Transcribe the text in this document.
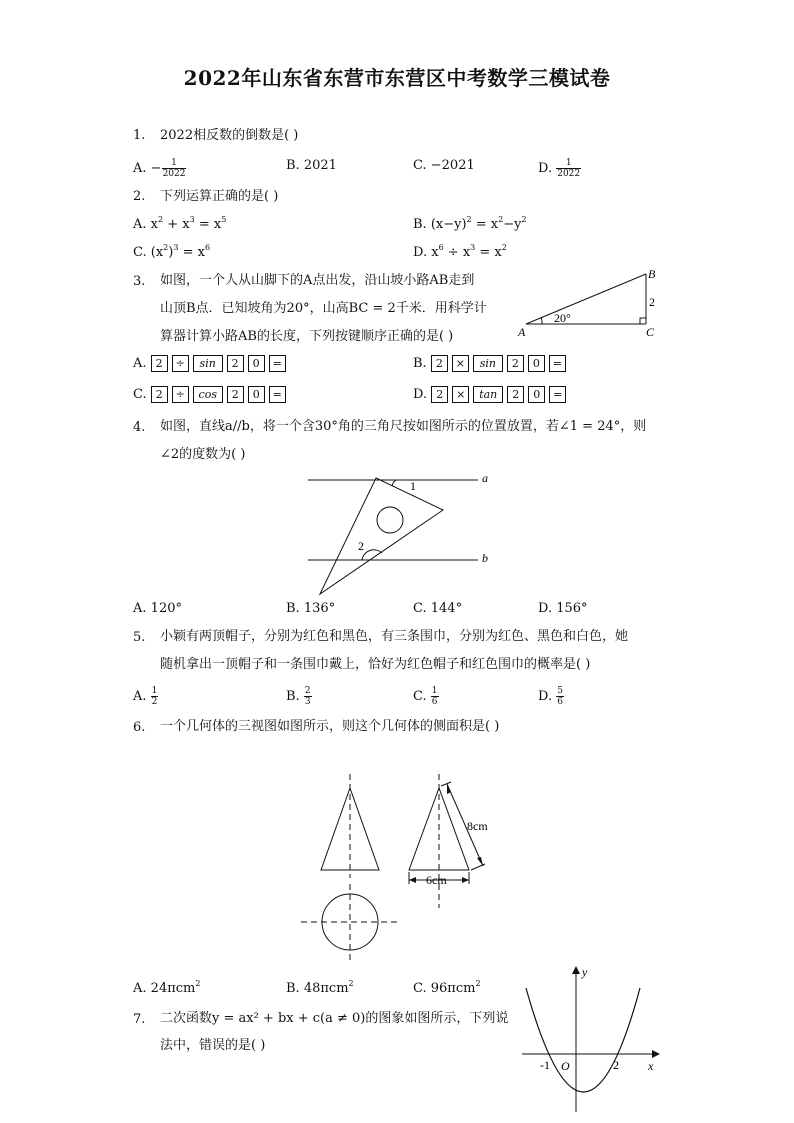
2022年山东省东营市东营区中考数学三模试卷
1. 2022相反数的倒数是( )
A. − $\frac{1}{2022}$	B. 2021	C. −2021	D. $\frac{1}{2022}$
2. 下列运算正确的是( )
A. $x^2 + x^3 = x^5$	B. $(x-y)^2 = x^2-y^2$
C. $(x^2)^3 = x^6$	D. $x^6 \div x^3 = x^2$
3. 如图，一个人从山脚下的A点出发，沿山坡小路AB走到
山顶B点．已知坡角为20°，山高BC = 2千米．用科学计
算器计算小路AB的长度，下列按键顺序正确的是( )	A
B
C
20°
2
A. 2 ÷ sin 2 0 =	B. 2 × sin 2 0 =
C. 2 ÷ cos 2 0 =	D. 2 × tan 2 0 =
4. 如图，直线a//b，将一个含30°角的三角尺按如图所示的位置放置，若∠1 = 24°，则
∠2的度数为( )
1
2
a
b
A. 120°	B. 136°	C. 144°	D. 156°
5. 小颖有两顶帽子，分别为红色和黑色，有三条围巾，分别为红色、黑色和白色，她
随机拿出一顶帽子和一条围巾戴上，恰好为红色帽子和红色围巾的概率是( )
A. $\frac{1}{2}$	B. $\frac{2}{3}$	C. $\frac{1}{6}$	D. $\frac{5}{6}$
6. 一个几何体的三视图如图所示，则这个几何体的侧面积是( )
8cm
6cm
A. 24πcm$^2$	B. 48πcm$^2$	C. 96πcm$^2$
7. 二次函数y = ax² + bx + c(a ≠ 0)的图象如图所示，下列说
法中，错误的是( )
y
x
O
-1	2
